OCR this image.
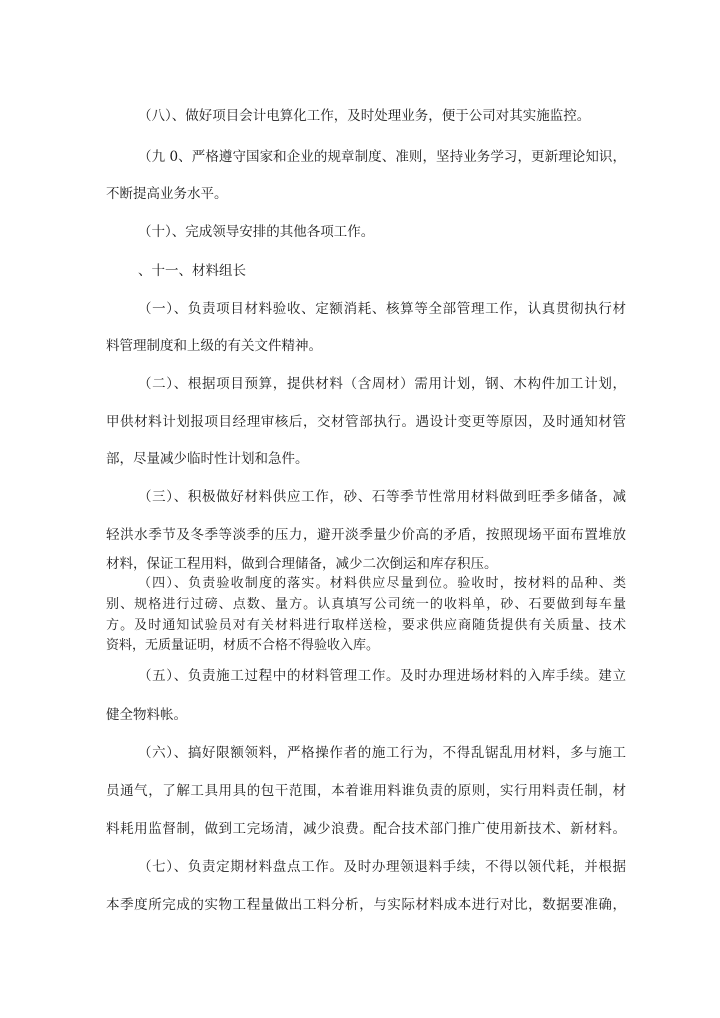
（八）、做好项目会计电算化工作，及时处理业务，便于公司对其实施监控。
（九 0、严格遵守国家和企业的规章制度、准则，坚持业务学习，更新理论知识，
不断提高业务水平。
（十）、完成领导安排的其他各项工作。
、十一、材料组长
（一）、负责项目材料验收、定额消耗、核算等全部管理工作，认真贯彻执行材
料管理制度和上级的有关文件精神。
（二）、根据项目预算，提供材料（含周材）需用计划，钢、木构件加工计划，
甲供材料计划报项目经理审核后，交材管部执行。遇设计变更等原因，及时通知材管
部，尽量减少临时性计划和急件。
（三）、积极做好材料供应工作，砂、石等季节性常用材料做到旺季多储备，减
轻洪水季节及冬季等淡季的压力，避开淡季量少价高的矛盾，按照现场平面布置堆放
材料，保证工程用料，做到合理储备，减少二次倒运和库存积压。
（四）、负责验收制度的落实。材料供应尽量到位。验收时，按材料的品种、类
别、规格进行过磅、点数、量方。认真填写公司统一的收料单，砂、石要做到每车量
方。及时通知试验员对有关材料进行取样送检，要求供应商随货提供有关质量、技术
资料，无质量证明，材质不合格不得验收入库。
（五）、负责施工过程中的材料管理工作。及时办理进场材料的入库手续。建立
健全物料帐。
（六）、搞好限额领料，严格操作者的施工行为，不得乱锯乱用材料，多与施工
员通气，了解工具用具的包干范围，本着谁用料谁负责的原则，实行用料责任制，材
料耗用监督制，做到工完场清，减少浪费。配合技术部门推广使用新技术、新材料。
（七）、负责定期材料盘点工作。及时办理领退料手续，不得以领代耗，并根据
本季度所完成的实物工程量做出工料分析，与实际材料成本进行对比，数据要准确，
